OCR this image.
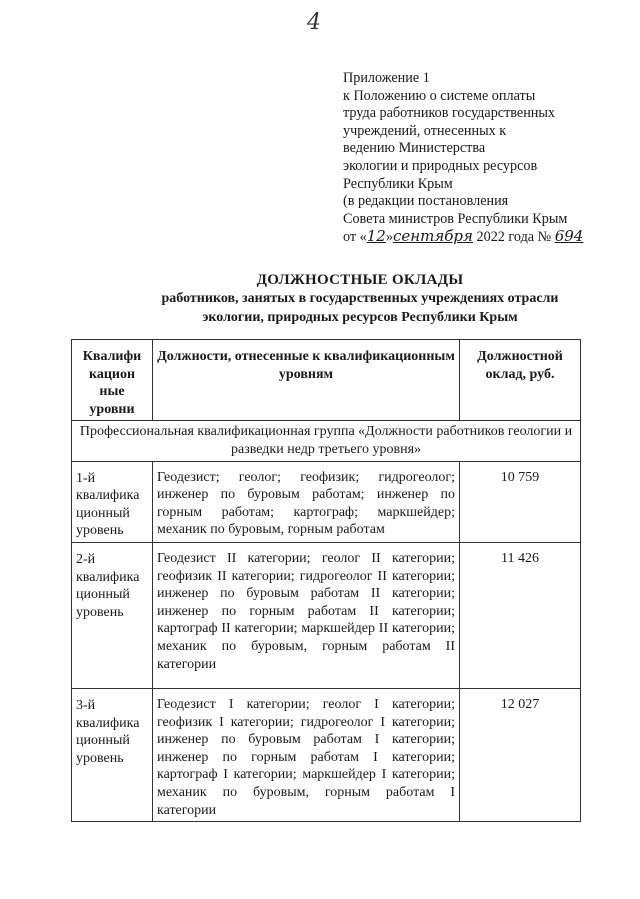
4
Приложение 1
к Положению о системе оплаты
труда работников государственных
учреждений, отнесенных к
ведению Министерства
экологии и природных ресурсов
Республики Крым
(в редакции постановления
Совета министров Республики Крым
от «12»сентября 2022 года № 694
ДОЛЖНОСТНЫЕ ОКЛАДЫ
работников, занятых в государственных учреждениях отрасли
экологии, природных ресурсов Республики Крым
Квалифи кацион ные уровни	Должности, отнесенные к квалификационным уровням	Должностной оклад, руб.
Профессиональная квалификационная группа «Должности работников геологии и разведки недр третьего уровня»		
1-й квалифика ционный уровень	Геодезист; геолог; геофизик; гидрогеолог; инженер по буровым работам; инженер по горным работам; картограф; маркшейдер; механик по буровым, горным работам	10 759
2-й квалифика ционный уровень	Геодезист II категории; геолог II категории; геофизик II категории; гидрогеолог II категории; инженер по буровым работам II категории; инженер по горным работам II категории; картограф II категории; маркшейдер II категории; механик по буровым, горным работам II категории	11 426
3-й квалифика ционный уровень	Геодезист I категории; геолог I категории; геофизик I категории; гидрогеолог I категории; инженер по буровым работам I категории; инженер по горным работам I категории; картограф I категории; маркшейдер I категории; механик по буровым, горным работам I категории	12 027
